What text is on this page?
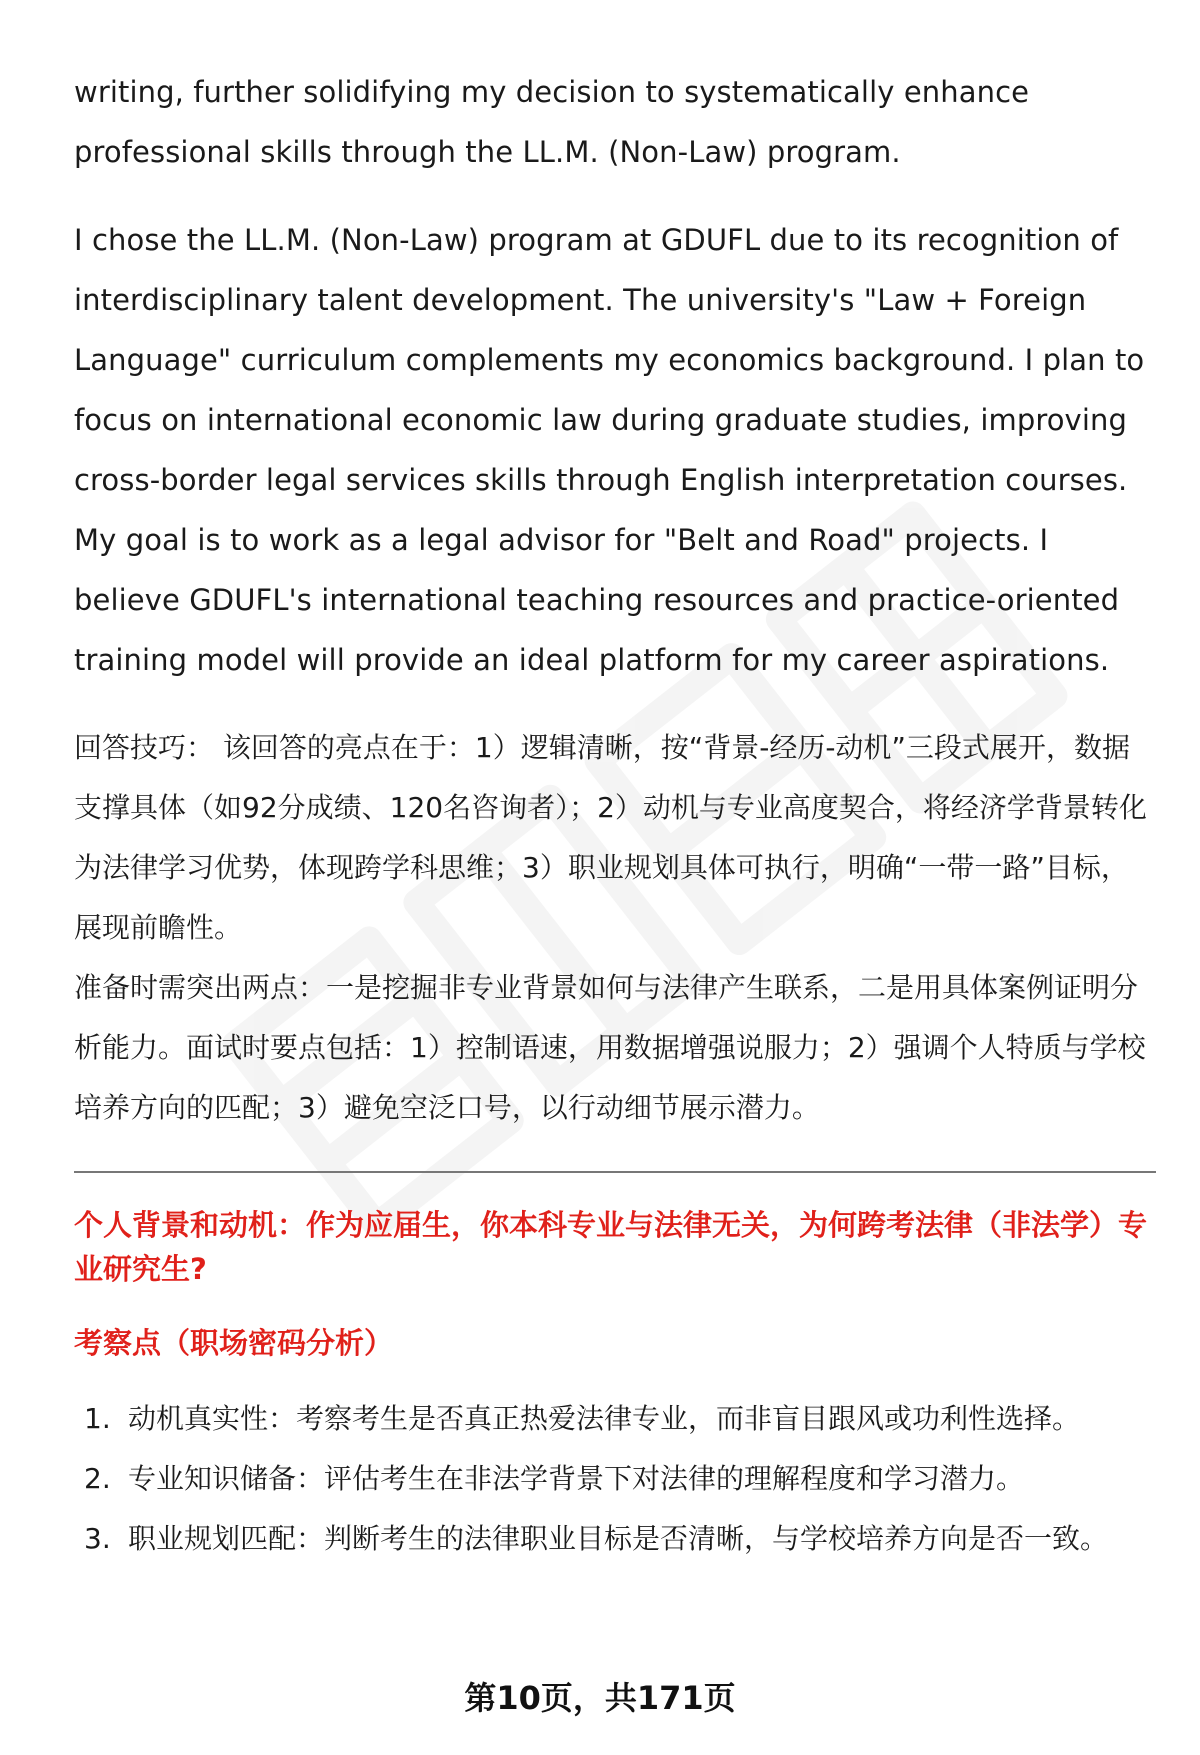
writing, further solidifying my decision to systematically enhance professional skills through the LL.M. (Non-Law) program.

I chose the LL.M. (Non-Law) program at GDUFL due to its recognition of interdisciplinary talent development. The university's "Law + Foreign Language" curriculum complements my economics background. I plan to focus on international economic law during graduate studies, improving cross-border legal services skills through English interpretation courses. My goal is to work as a legal advisor for "Belt and Road" projects. I believe GDUFL's international teaching resources and practice-oriented training model will provide an ideal platform for my career aspirations.

回答技巧： 该回答的亮点在于：1）逻辑清晰，按“背景-经历-动机”三段式展开，数据支撑具体（如92分成绩、120名咨询者）；2）动机与专业高度契合，将经济学背景转化为法律学习优势，体现跨学科思维；3）职业规划具体可执行，明确“一带一路”目标，展现前瞻性。

准备时需突出两点：一是挖掘非专业背景如何与法律产生联系，二是用具体案例证明分析能力。面试时要点包括：1）控制语速，用数据增强说服力；2）强调个人特质与学校培养方向的匹配；3）避免空泛口号，以行动细节展示潜力。

个人背景和动机：作为应届生，你本科专业与法律无关，为何跨考法律（非法学）专业研究生?
考察点（职场密码分析）
1. 动机真实性：考察考生是否真正热爱法律专业，而非盲目跟风或功利性选择。
2. 专业知识储备：评估考生在非法学背景下对法律的理解程度和学习潜力。
3. 职业规划匹配：判断考生的法律职业目标是否清晰，与学校培养方向是否一致。
第10页，共171页
